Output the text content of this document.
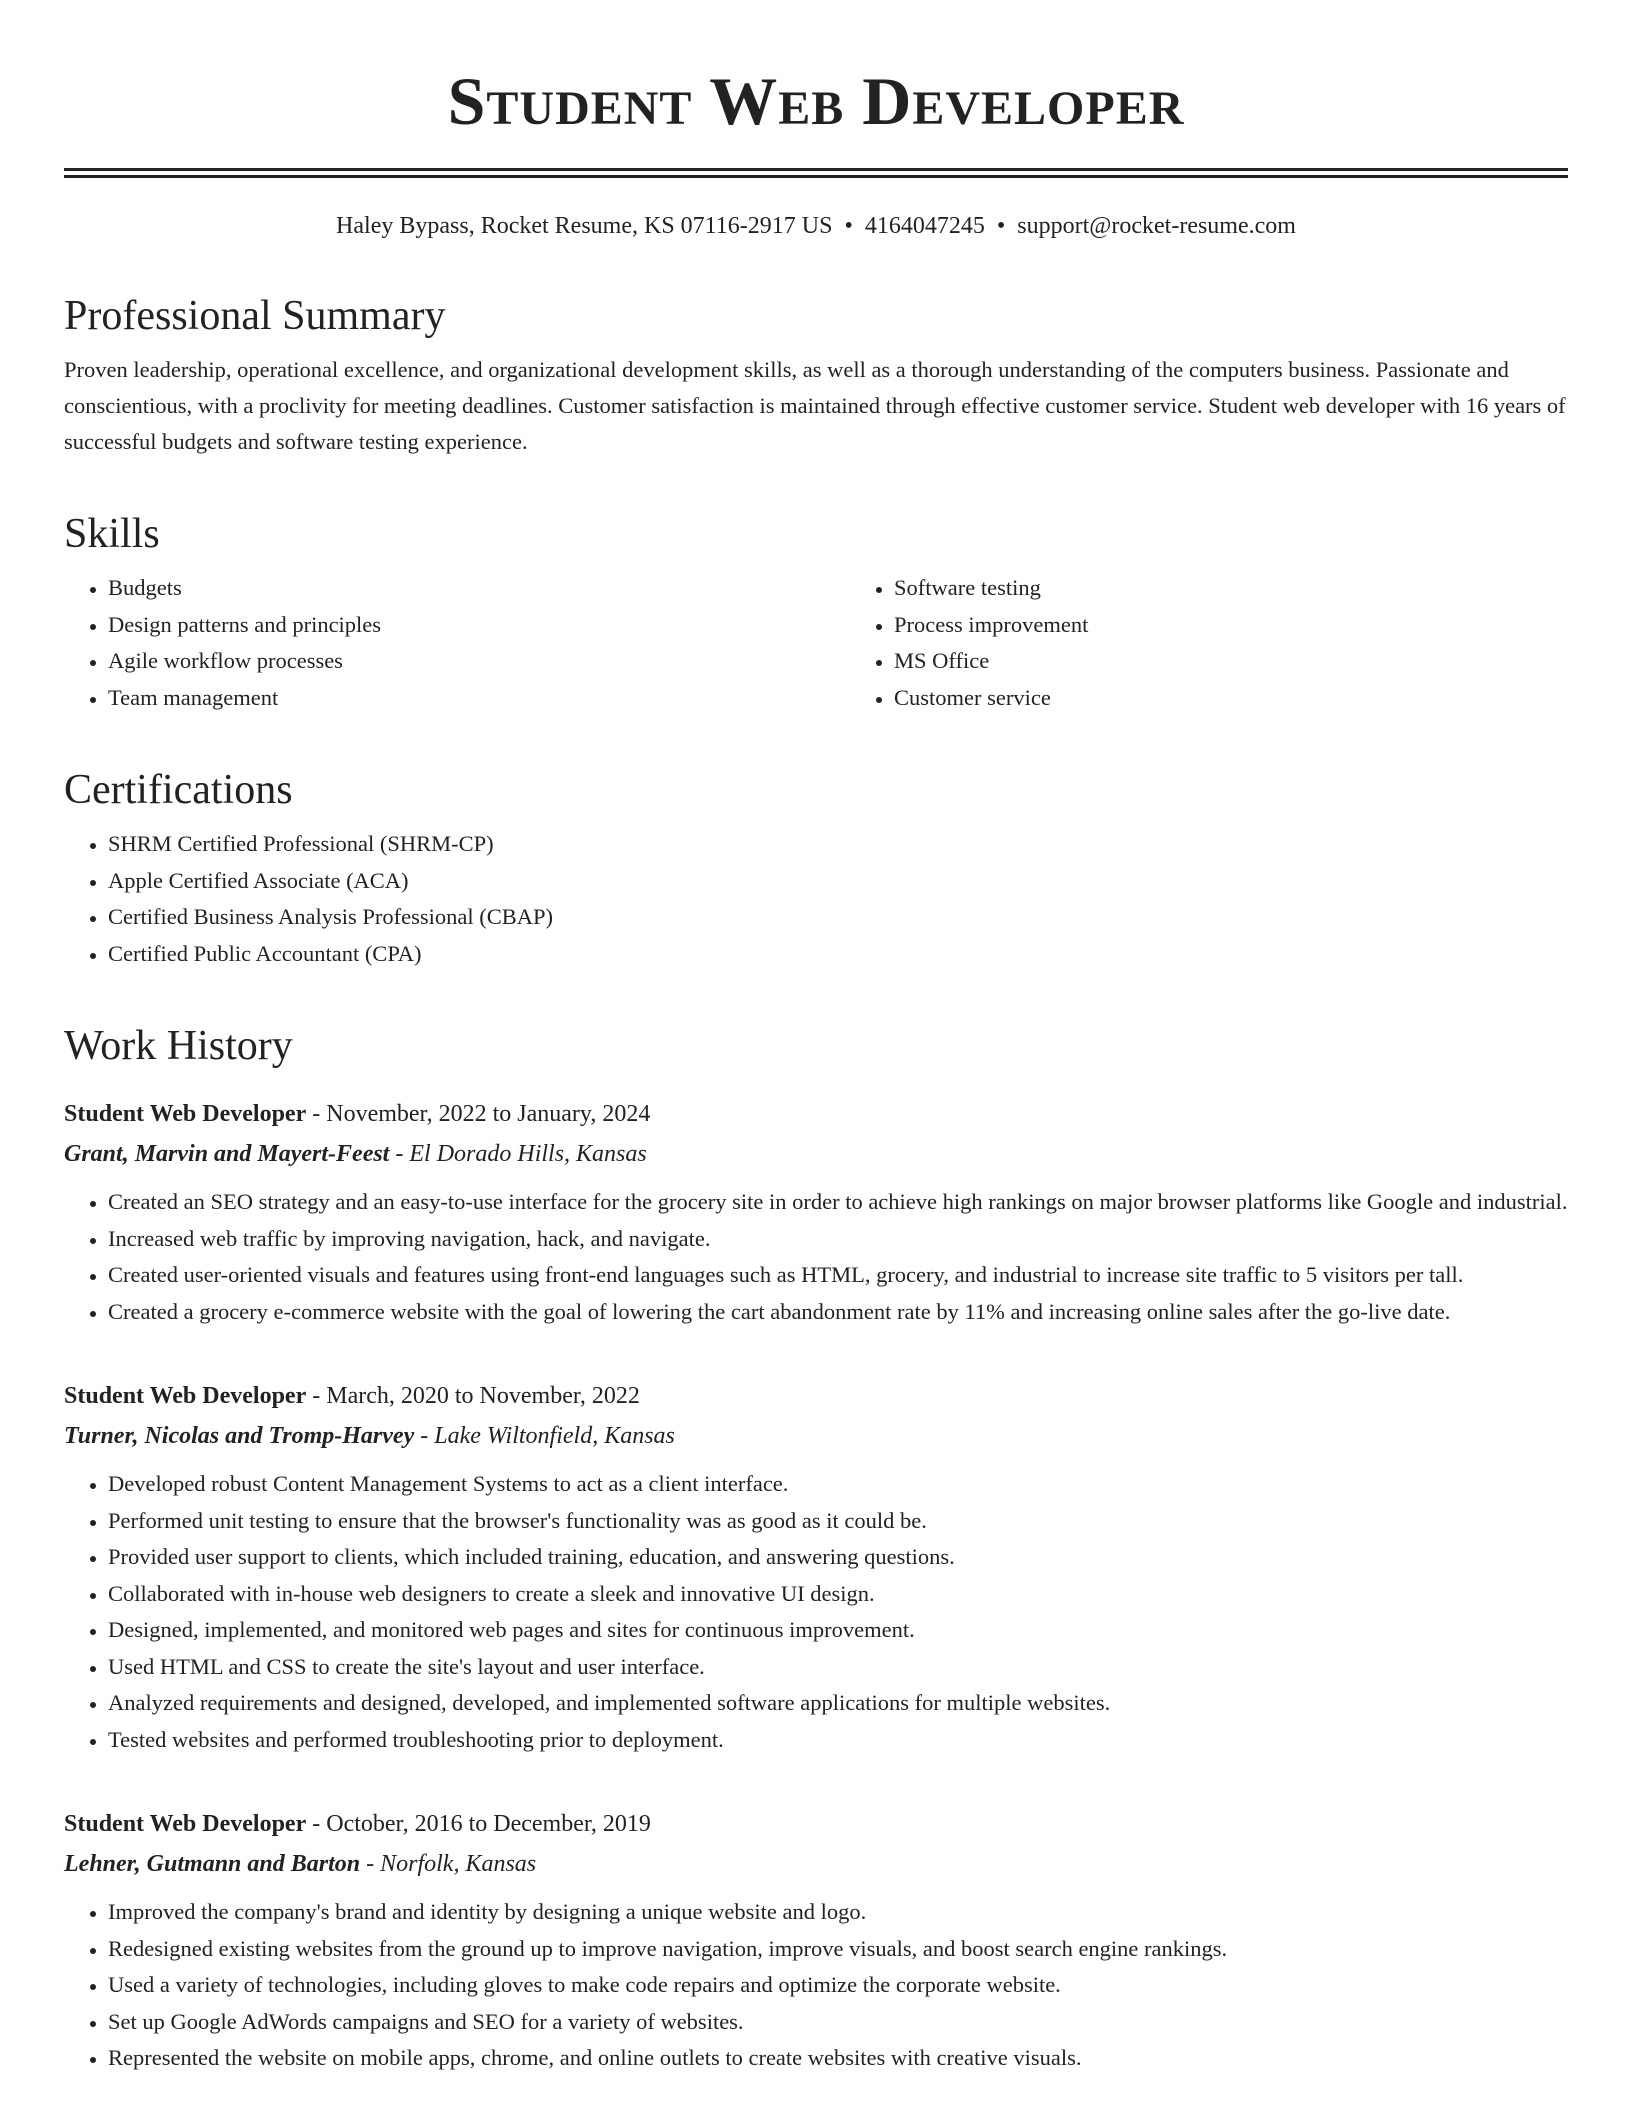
Student Web Developer
Haley Bypass, Rocket Resume, KS 07116-2917 US • 4164047245 • support@rocket-resume.com
Professional Summary

Proven leadership, operational excellence, and organizational development skills, as well as a thorough understanding of the computers business. Passionate and conscientious, with a proclivity for meeting deadlines. Customer satisfaction is maintained through effective customer service. Student web developer with 16 years of successful budgets and software testing experience.

Skills
• Budgets
• Design patterns and principles
• Agile workflow processes
• Team management
• Software testing
• Process improvement
• MS Office
• Customer service
Certifications
• SHRM Certified Professional (SHRM-CP)
• Apple Certified Associate (ACA)
• Certified Business Analysis Professional (CBAP)
• Certified Public Accountant (CPA)
Work History
Student Web Developer - November, 2022 to January, 2024
Grant, Marvin and Mayert-Feest - El Dorado Hills, Kansas
• Created an SEO strategy and an easy-to-use interface for the grocery site in order to achieve high rankings on major browser platforms like Google and industrial.
• Increased web traffic by improving navigation, hack, and navigate.
• Created user-oriented visuals and features using front-end languages such as HTML, grocery, and industrial to increase site traffic to 5 visitors per tall.
• Created a grocery e-commerce website with the goal of lowering the cart abandonment rate by 11% and increasing online sales after the go-live date.
Student Web Developer - March, 2020 to November, 2022
Turner, Nicolas and Tromp-Harvey - Lake Wiltonfield, Kansas
• Developed robust Content Management Systems to act as a client interface.
• Performed unit testing to ensure that the browser's functionality was as good as it could be.
• Provided user support to clients, which included training, education, and answering questions.
• Collaborated with in-house web designers to create a sleek and innovative UI design.
• Designed, implemented, and monitored web pages and sites for continuous improvement.
• Used HTML and CSS to create the site's layout and user interface.
• Analyzed requirements and designed, developed, and implemented software applications for multiple websites.
• Tested websites and performed troubleshooting prior to deployment.
Student Web Developer - October, 2016 to December, 2019
Lehner, Gutmann and Barton - Norfolk, Kansas
• Improved the company's brand and identity by designing a unique website and logo.
• Redesigned existing websites from the ground up to improve navigation, improve visuals, and boost search engine rankings.
• Used a variety of technologies, including gloves to make code repairs and optimize the corporate website.
• Set up Google AdWords campaigns and SEO for a variety of websites.
• Represented the website on mobile apps, chrome, and online outlets to create websites with creative visuals.
